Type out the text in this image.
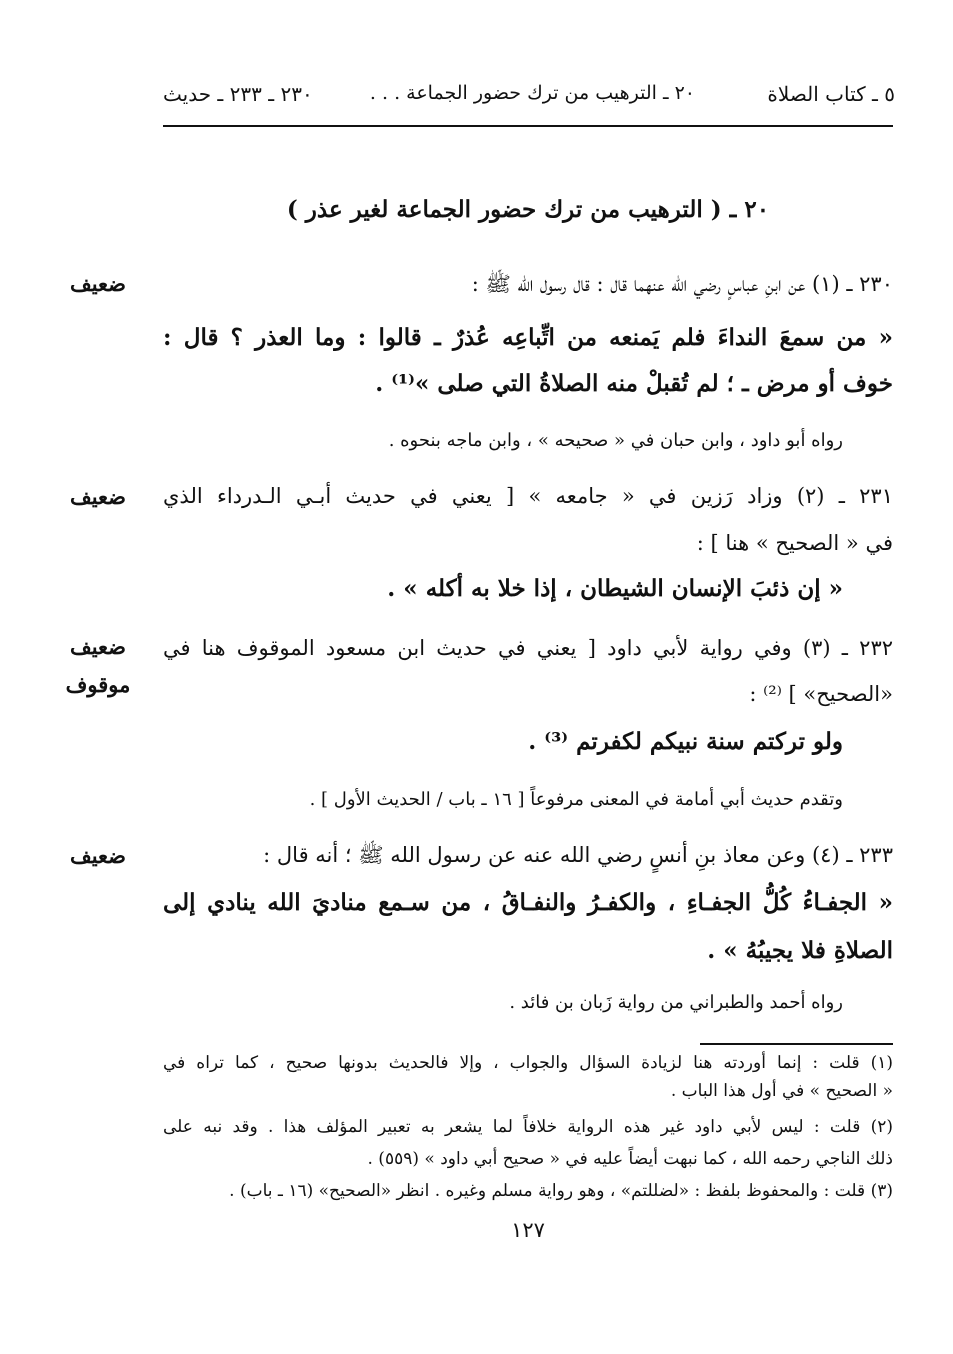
٥ ـ كتاب الصلاة
٢٠ ـ الترهيب من ترك حضور الجماعة . . .
٢٣٠ ـ ٢٣٣ ـ حديث
٢٠ ـ ( الترهيب من ترك حضور الجماعة لغير عذر )
ضعيف	٢٣٠ ـ (١) عن ابنِ عباسٍ رضي الله عنهما قال : قال رسول الله ﷺ :
« من سمعَ النداءَ فلم يَمنعه من اتِّباعِه عُذرٌ ـ قالوا : وما العذر ؟ قال :
خوف أو مرض ـ ؛ لم تُقبلْ منه الصلاةُ التي صلى »⁽¹⁾ .
رواه أبو داود ، وابن حبان في « صحيحه » ، وابن ماجه بنحوه .
ضعيف	٢٣١ ـ (٢) وزاد رَزين في « جامعه » [ يعني في حديث أبـي الـدرداء الذي
في « الصحيح » هنا ] :
« إن ذئبَ الإنسان الشيطان ، إذا خلا به أكله » .
ضعيف
موقوف
٢٣٢ ـ (٣) وفي رواية لأبي داود [ يعني في حديث ابن مسعود الموقوف هنا في
«الصحيح» ] ⁽²⁾ :
ولو تركتم سنة نبيكم لكفرتم ⁽³⁾ .
وتقدم حديث أبي أمامة في المعنى مرفوعاً [ ١٦ ـ باب / الحديث الأول ] .
ضعيف	٢٣٣ ـ (٤) وعن معاذ بنِ أنسٍ رضي الله عنه عن رسول الله ﷺ ؛ أنه قال :
« الجفـاءُ كُلُّ الجفـاءِ ، والكفـرُ والنفـاقُ ، من سـمع مناديَ الله ينادي إلى
الصلاةِ فلا يجيبُهُ » .
رواه أحمد والطبراني من رواية زَبان بن فائد .
(١) قلت : إنما أوردته هنا لزيادة السؤال والجواب ، وإلا فالحديث بدونها صحيح ، كما تراه في
« الصحيح » في أول هذا الباب .
(٢) قلت : ليس لأبي داود غير هذه الرواية خلافاً لما يشعر به تعبير المؤلف هذا . وقد نبه على
ذلك الناجي رحمه الله ، كما نبهت أيضاً عليه في « صحيح أبي داود » (٥٥٩) .
(٣) قلت : والمحفوظ بلفظ : «لضللتم» ، وهو رواية مسلم وغيره . انظر «الصحيح» (١٦ ـ باب) .
١٢٧
